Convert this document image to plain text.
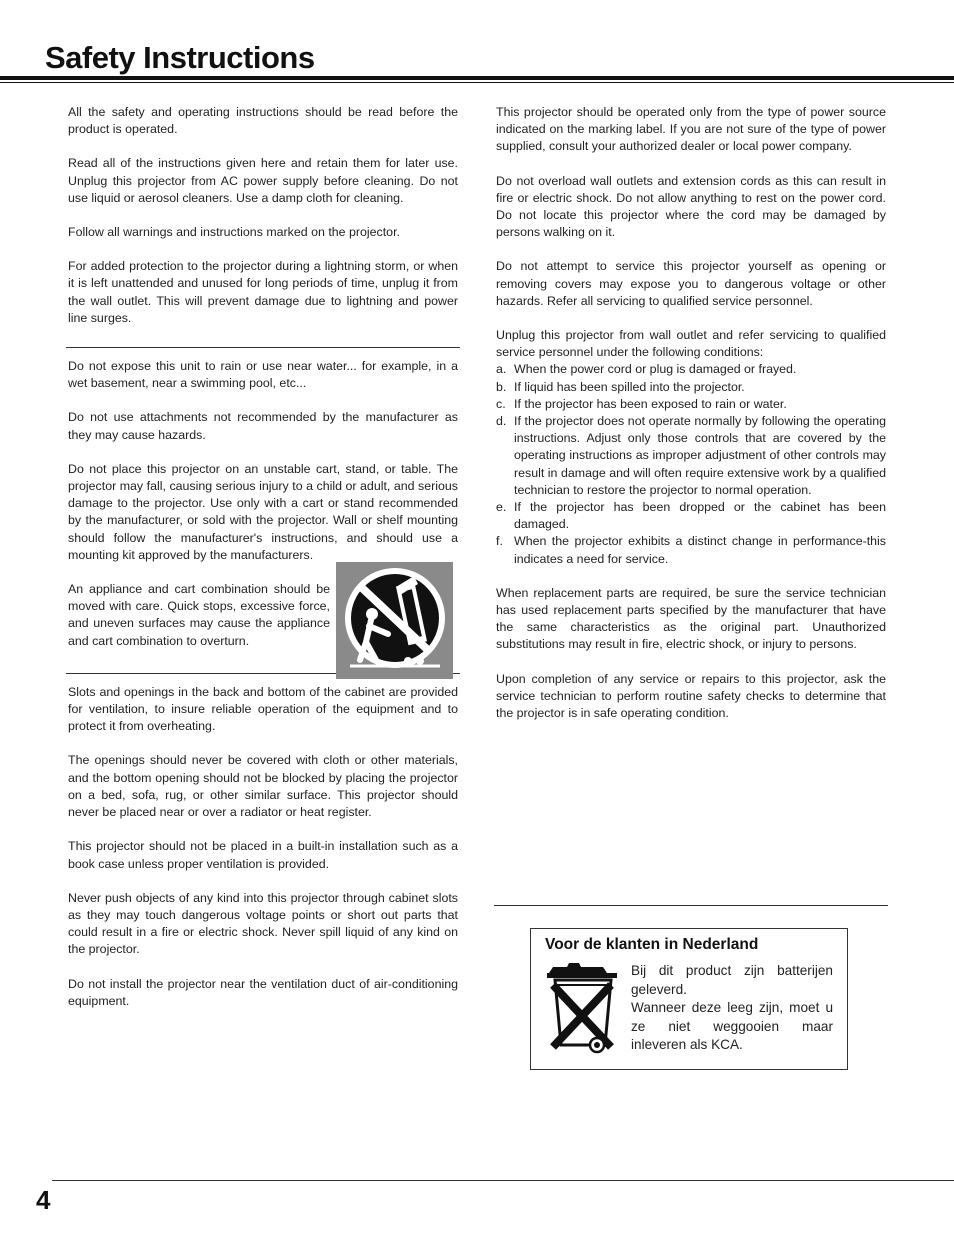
Safety Instructions

All the safety and operating instructions should be read before the product is operated.

Read all of the instructions given here and retain them for later use. Unplug this projector from AC power supply before cleaning. Do not use liquid or aerosol cleaners. Use a damp cloth for cleaning.

Follow all warnings and instructions marked on the projector.

For added protection to the projector during a lightning storm, or when it is left unattended and unused for long periods of time, unplug it from the wall outlet. This will prevent damage due to lightning and power line surges.

Do not expose this unit to rain or use near water... for example, in a wet basement, near a swimming pool, etc...

Do not use attachments not recommended by the manufacturer as they may cause hazards.

Do not place this projector on an unstable cart, stand, or table. The projector may fall, causing serious injury to a child or adult, and serious damage to the projector. Use only with a cart or stand recommended by the manufacturer, or sold with the projector. Wall or shelf mounting should follow the manufacturer's instructions, and should use a mounting kit approved by the manufacturers.

An appliance and cart combination should be moved with care. Quick stops, excessive force, and uneven surfaces may cause the appliance and cart combination to overturn.

Slots and openings in the back and bottom of the cabinet are provided for ventilation, to insure reliable operation of the equipment and to protect it from overheating.

The openings should never be covered with cloth or other materials, and the bottom opening should not be blocked by placing the projector on a bed, sofa, rug, or other similar surface. This projector should never be placed near or over a radiator or heat register.

This projector should not be placed in a built-in installation such as a book case unless proper ventilation is provided.

Never push objects of any kind into this projector through cabinet slots as they may touch dangerous voltage points or short out parts that could result in a fire or electric shock. Never spill liquid of any kind on the projector.

Do not install the projector near the ventilation duct of air-conditioning equipment.

This projector should be operated only from the type of power source indicated on the marking label. If you are not sure of the type of power supplied, consult your authorized dealer or local power company.

Do not overload wall outlets and extension cords as this can result in fire or electric shock. Do not allow anything to rest on the power cord. Do not locate this projector where the cord may be damaged by persons walking on it.

Do not attempt to service this projector yourself as opening or removing covers may expose you to dangerous voltage or other hazards. Refer all servicing to qualified service personnel.

Unplug this projector from wall outlet and refer servicing to qualified service personnel under the following conditions:
a. When the power cord or plug is damaged or frayed.
b. If liquid has been spilled into the projector.
c. If the projector has been exposed to rain or water.
d. If the projector does not operate normally by following the operating instructions. Adjust only those controls that are covered by the operating instructions as improper adjustment of other controls may result in damage and will often require extensive work by a qualified technician to restore the projector to normal operation.
e. If the projector has been dropped or the cabinet has been damaged.
f. When the projector exhibits a distinct change in performance-this indicates a need for service.

When replacement parts are required, be sure the service technician has used replacement parts specified by the manufacturer that have the same characteristics as the original part. Unauthorized substitutions may result in fire, electric shock, or injury to persons.

Upon completion of any service or repairs to this projector, ask the service technician to perform routine safety checks to determine that the projector is in safe operating condition.

Voor de klanten in Nederland
Bij dit product zijn batterijen geleverd.
Wanneer deze leeg zijn, moet u ze niet weggooien maar inleveren als KCA.
4
